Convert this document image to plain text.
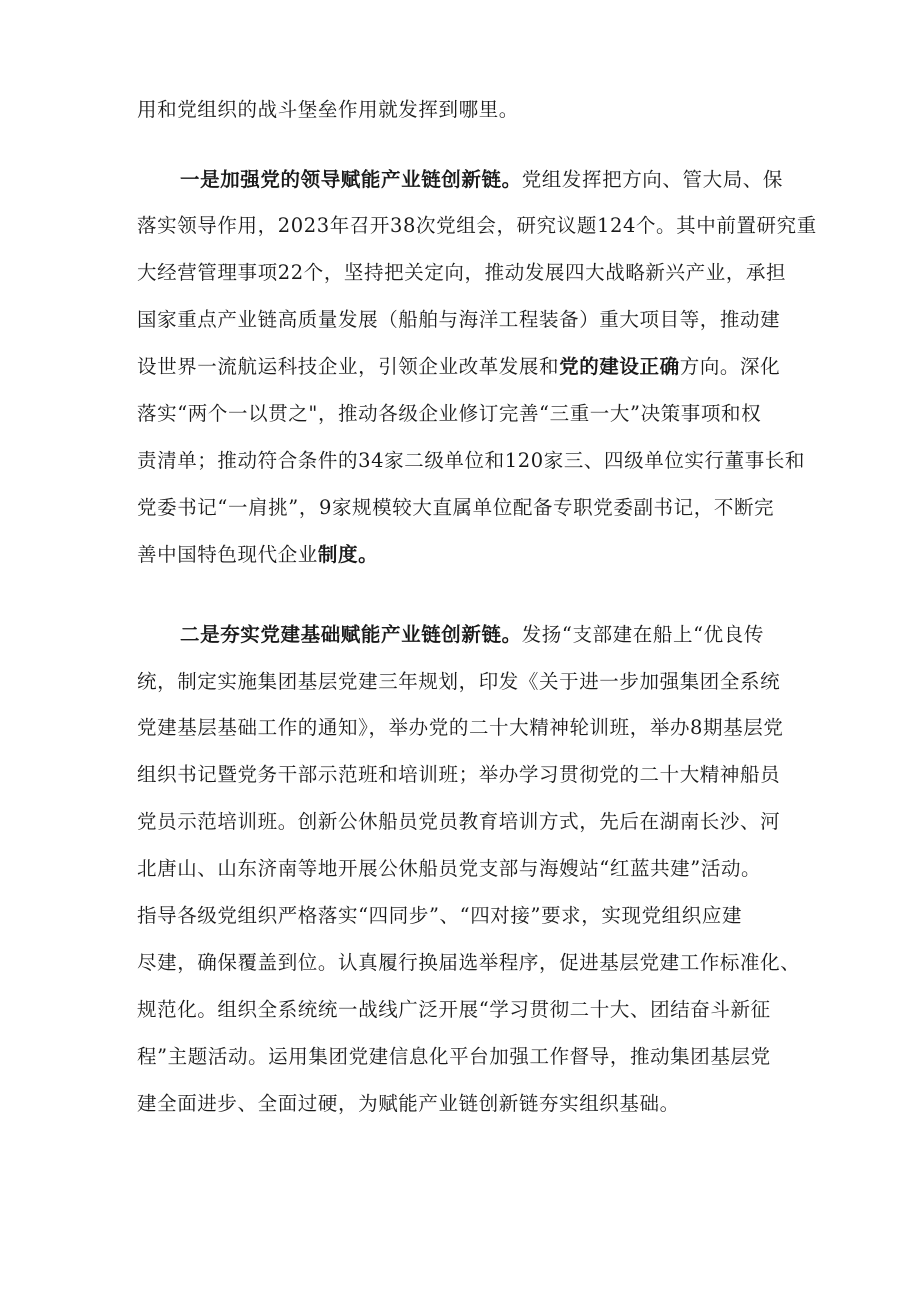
用和党组织的战斗堡垒作用就发挥到哪里。
一是加强党的领导赋能产业链创新链。党组发挥把方向、管大局、保
落实领导作用，2023年召开38次党组会，研究议题124个。其中前置研究重
大经营管理事项22个，坚持把关定向，推动发展四大战略新兴产业，承担
国家重点产业链高质量发展（船舶与海洋工程装备）重大项目等，推动建
设世界一流航运科技企业，引领企业改革发展和党的建设正确方向。深化
落实“两个一以贯之"，推动各级企业修订完善“三重一大”决策事项和权
责清单；推动符合条件的34家二级单位和120家三、四级单位实行董事长和
党委书记“一肩挑”，9家规模较大直属单位配备专职党委副书记，不断完
善中国特色现代企业制度。
二是夯实党建基础赋能产业链创新链。发扬“支部建在船上“优良传
统，制定实施集团基层党建三年规划，印发《关于进一步加强集团全系统
党建基层基础工作的通知》，举办党的二十大精神轮训班，举办8期基层党
组织书记暨党务干部示范班和培训班；举办学习贯彻党的二十大精神船员
党员示范培训班。创新公休船员党员教育培训方式，先后在湖南长沙、河
北唐山、山东济南等地开展公休船员党支部与海嫂站“红蓝共建”活动。
指导各级党组织严格落实“四同步”、“四对接”要求，实现党组织应建
尽建，确保覆盖到位。认真履行换届选举程序，促进基层党建工作标准化、
规范化。组织全系统统一战线广泛开展“学习贯彻二十大、团结奋斗新征
程”主题活动。运用集团党建信息化平台加强工作督导，推动集团基层党
建全面进步、全面过硬，为赋能产业链创新链夯实组织基础。
